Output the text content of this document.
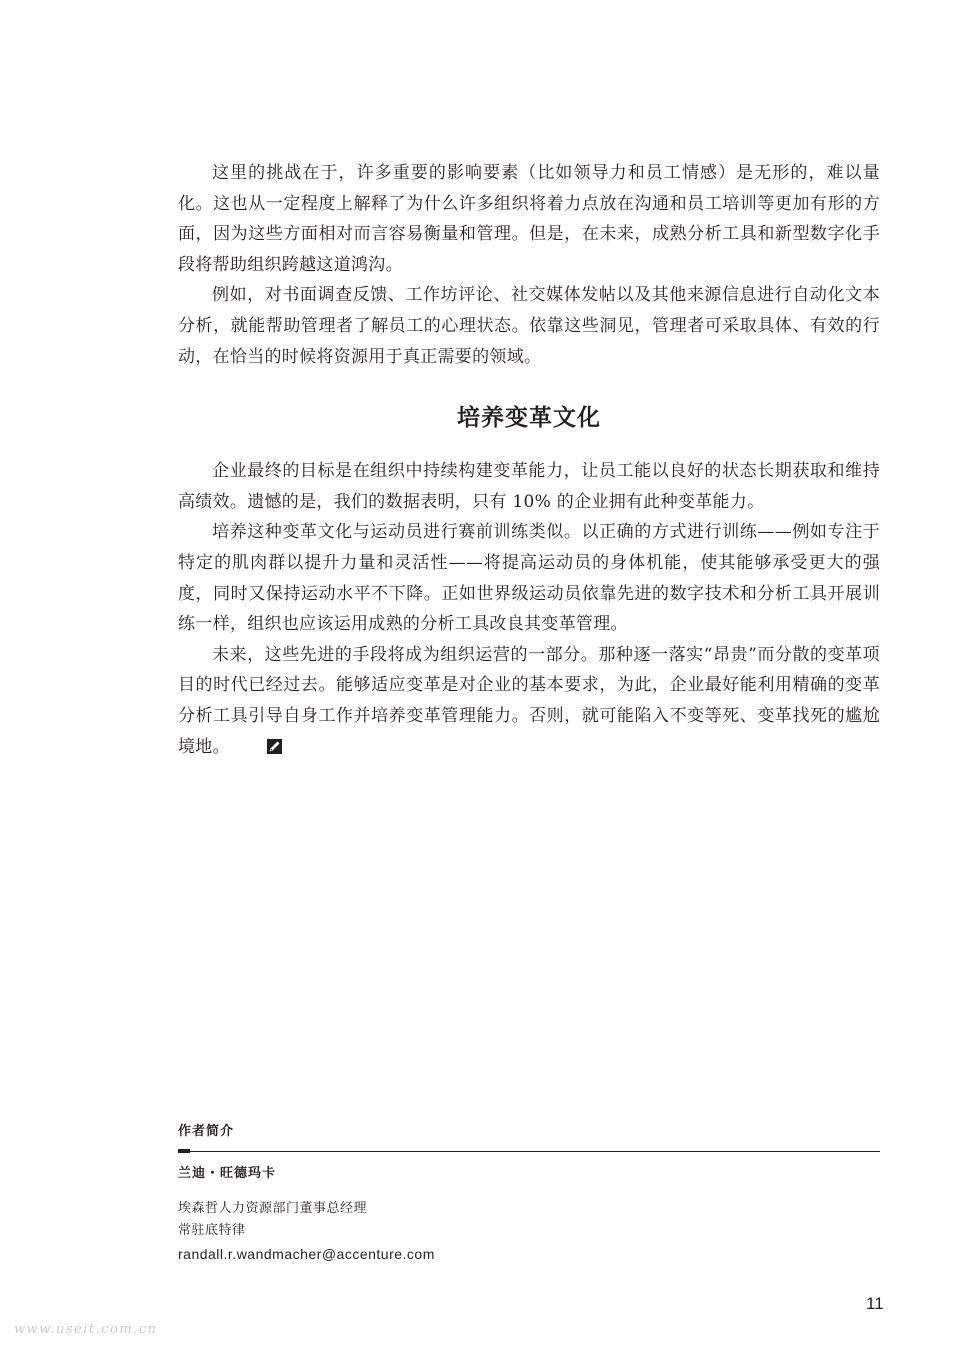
这里的挑战在于，许多重要的影响要素（比如领导力和员工情感）是无形的，难以量化。这也从一定程度上解释了为什么许多组织将着力点放在沟通和员工培训等更加有形的方面，因为这些方面相对而言容易衡量和管理。但是，在未来，成熟分析工具和新型数字化手段将帮助组织跨越这道鸿沟。

例如，对书面调查反馈、工作坊评论、社交媒体发帖以及其他来源信息进行自动化文本分析，就能帮助管理者了解员工的心理状态。依靠这些洞见，管理者可采取具体、有效的行动，在恰当的时候将资源用于真正需要的领域。

培养变革文化

企业最终的目标是在组织中持续构建变革能力，让员工能以良好的状态长期获取和维持高绩效。遗憾的是，我们的数据表明，只有 10% 的企业拥有此种变革能力。

培养这种变革文化与运动员进行赛前训练类似。以正确的方式进行训练——例如专注于特定的肌肉群以提升力量和灵活性——将提高运动员的身体机能，使其能够承受更大的强度，同时又保持运动水平不下降。正如世界级运动员依靠先进的数字技术和分析工具开展训练一样，组织也应该运用成熟的分析工具改良其变革管理。

未来，这些先进的手段将成为组织运营的一部分。那种逐一落实“昂贵”而分散的变革项目的时代已经过去。能够适应变革是对企业的基本要求，为此，企业最好能利用精确的变革分析工具引导自身工作并培养变革管理能力。否则，就可能陷入不变等死、变革找死的尴尬境地。

作者简介
兰迪・旺德玛卡
埃森哲人力资源部门董事总经理
常驻底特律
randall.r.wandmacher@accenture.com
11
www.useit.com.cn
